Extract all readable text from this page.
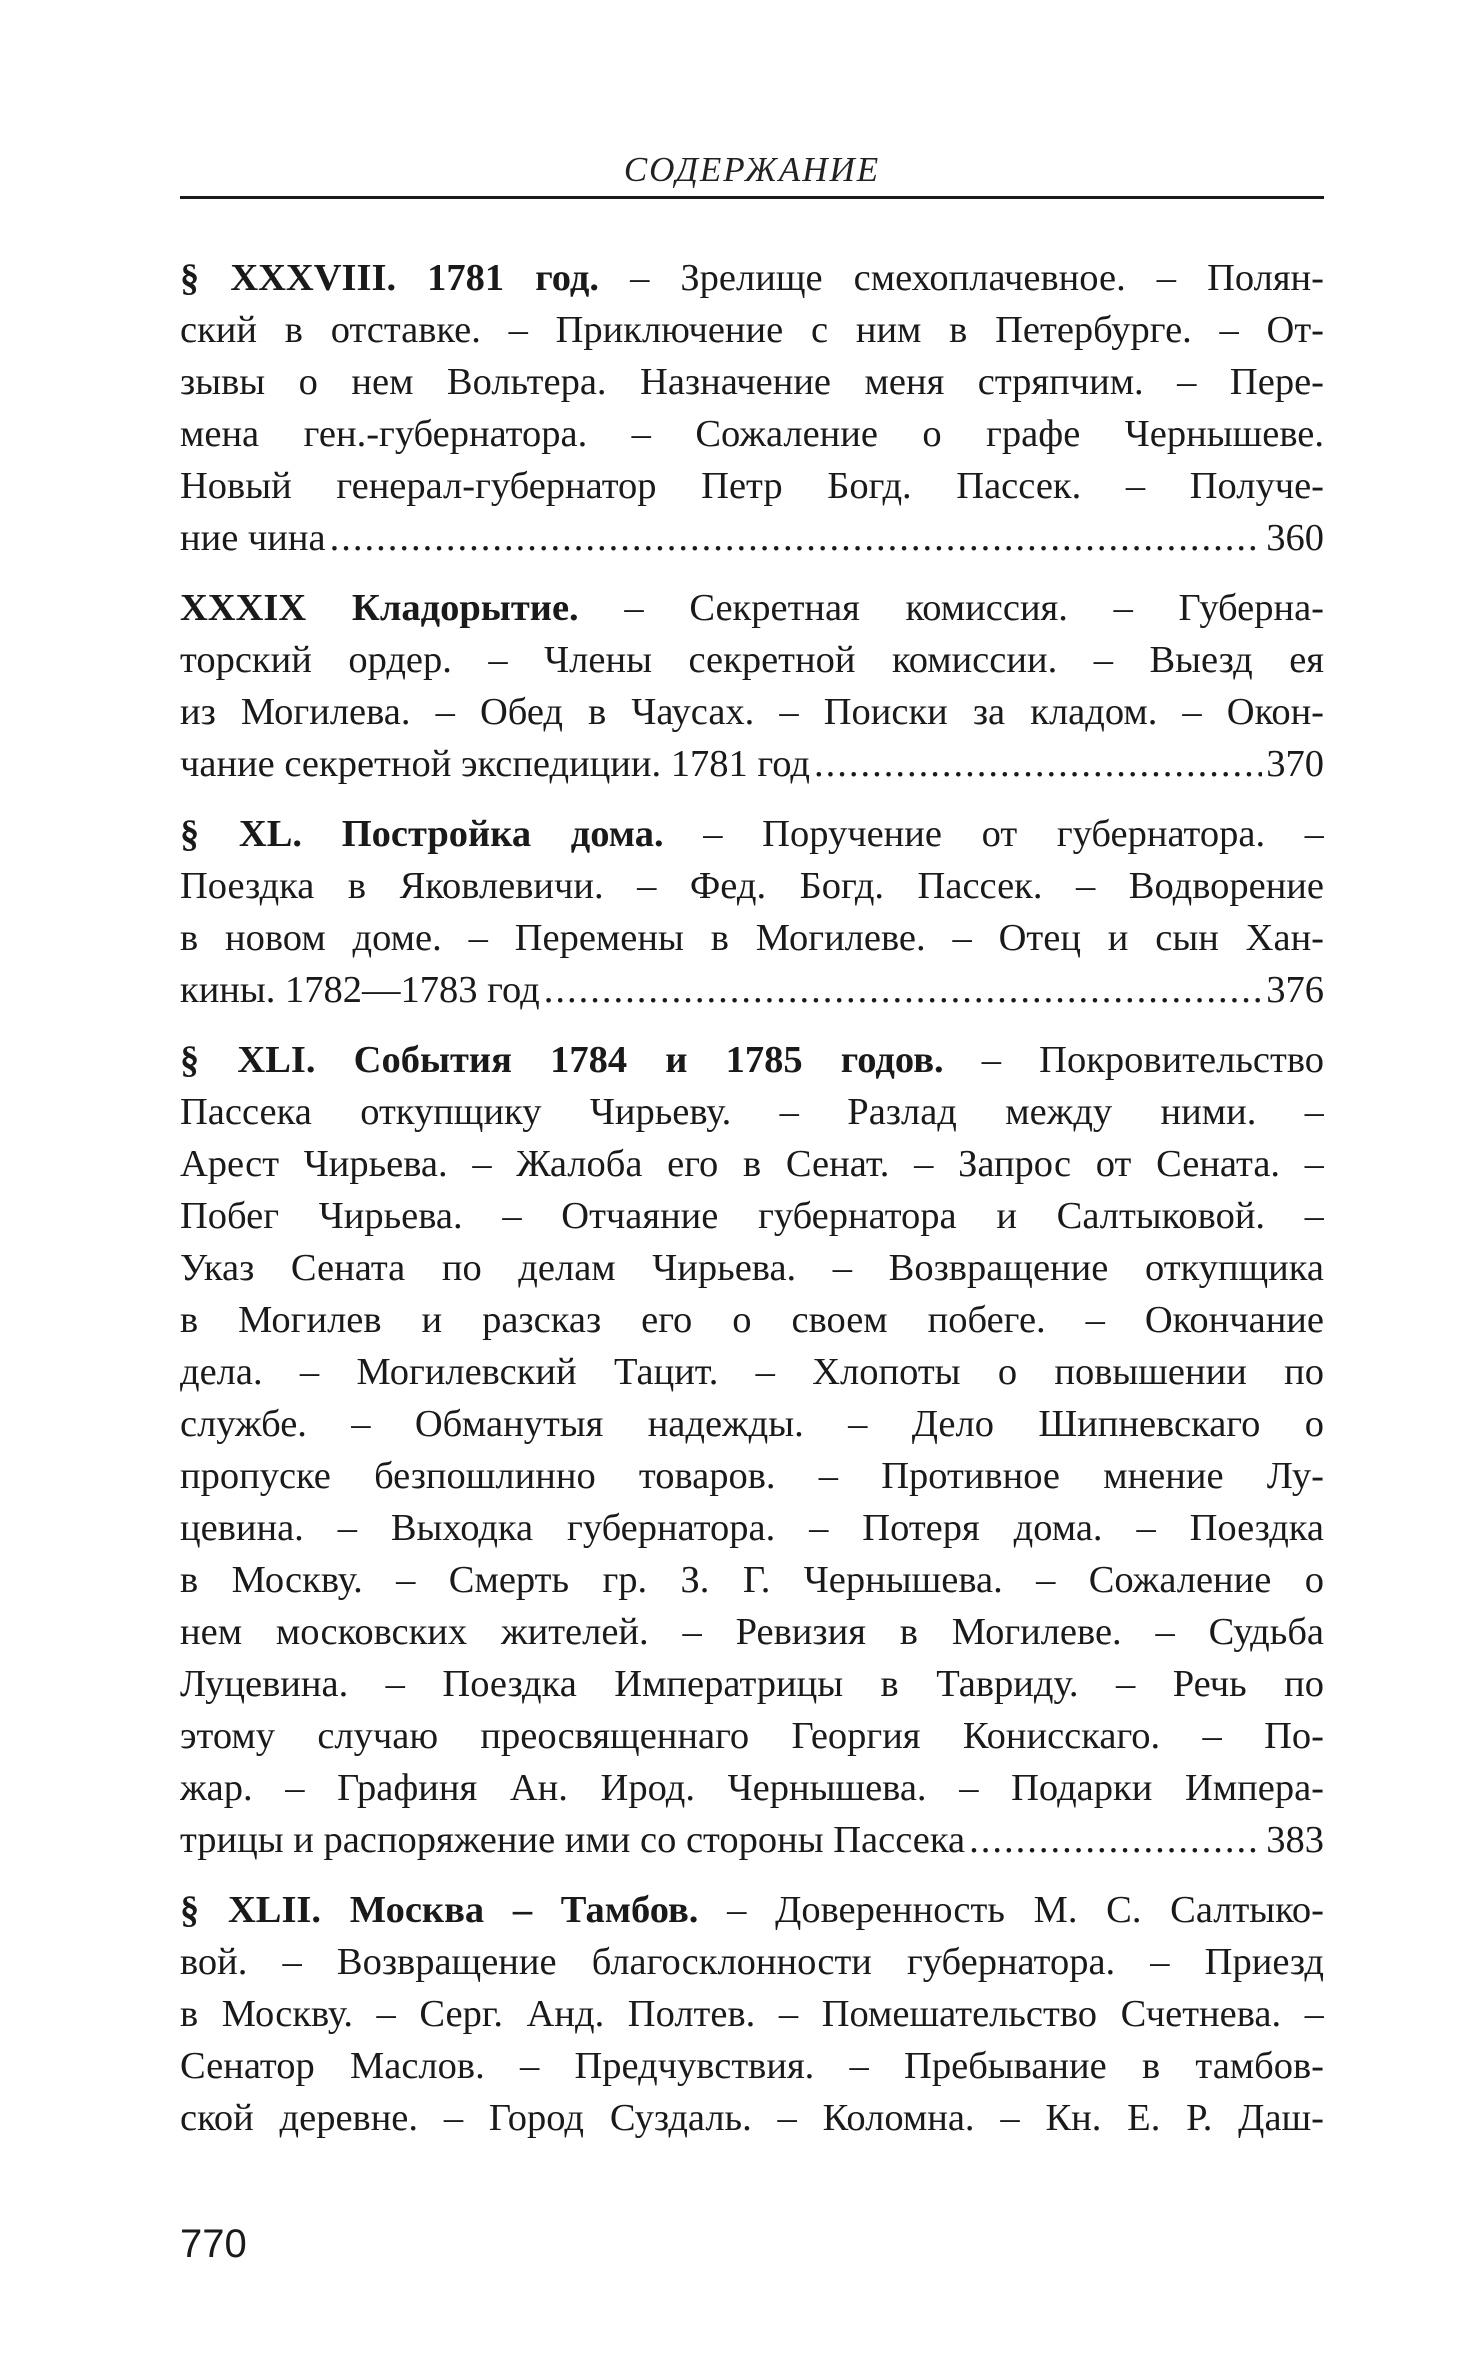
СОДЕРЖАНИЕ
§ XXXVIII. 1781 год. – Зрелище смехоплачевное. – Полян-
ский в отставке. – Приключение с ним в Петербурге. – От-
зывы о нем Вольтера. Назначение меня стряпчим. – Пере-
мена ген.-губернатора. – Сожаление о графе Чернышеве.
Новый генерал-губернатор Петр Богд. Пассек. – Получе-
ние чина .....	360
XXXIX Кладорытие. – Секретная комиссия. – Губерна-
торский ордер. – Члены секретной комиссии. – Выезд ея
из Могилева. – Обед в Чаусах. – Поиски за кладом. – Окон-
чание секретной экспедиции. 1781 год .....	370
§ XL. Постройка дома. – Поручение от губернатора. –
Поездка в Яковлевичи. – Фед. Богд. Пассек. – Водворение
в новом доме. – Перемены в Могилеве. – Отец и сын Хан-
кины. 1782—1783 год .....	376
§ XLI. События 1784 и 1785 годов. – Покровительство
Пассека откупщику Чирьеву. – Разлад между ними. –
Арест Чирьева. – Жалоба его в Сенат. – Запрос от Сената. –
Побег Чирьева. – Отчаяние губернатора и Салтыковой. –
Указ Сената по делам Чирьева. – Возвращение откупщика
в Могилев и разсказ его о своем побеге. – Окончание
дела. – Могилевский Тацит. – Хлопоты о повышении по
службе. – Обманутыя надежды. – Дело Шипневскаго о
пропуске безпошлинно товаров. – Противное мнение Лу-
цевина. – Выходка губернатора. – Потеря дома. – Поездка
в Москву. – Смерть гр. З. Г. Чернышева. – Сожаление о
нем московских жителей. – Ревизия в Могилеве. – Судьба
Луцевина. – Поездка Императрицы в Тавриду. – Речь по
этому случаю преосвященнаго Георгия Конисскаго. – По-
жар. – Графиня Ан. Ирод. Чернышева. – Подарки Импера-
трицы и распоряжение ими со стороны Пассека .....	383
§ XLII. Москва – Тамбов. – Доверенность М. С. Салтыко-
вой. – Возвращение благосклонности губернатора. – Приезд
в Москву. – Серг. Анд. Полтев. – Помешательство Счетнева. –
Сенатор Маслов. – Предчувствия. – Пребывание в тамбов-
ской деревне. – Город Суздаль. – Коломна. – Кн. Е. Р. Даш-
770
